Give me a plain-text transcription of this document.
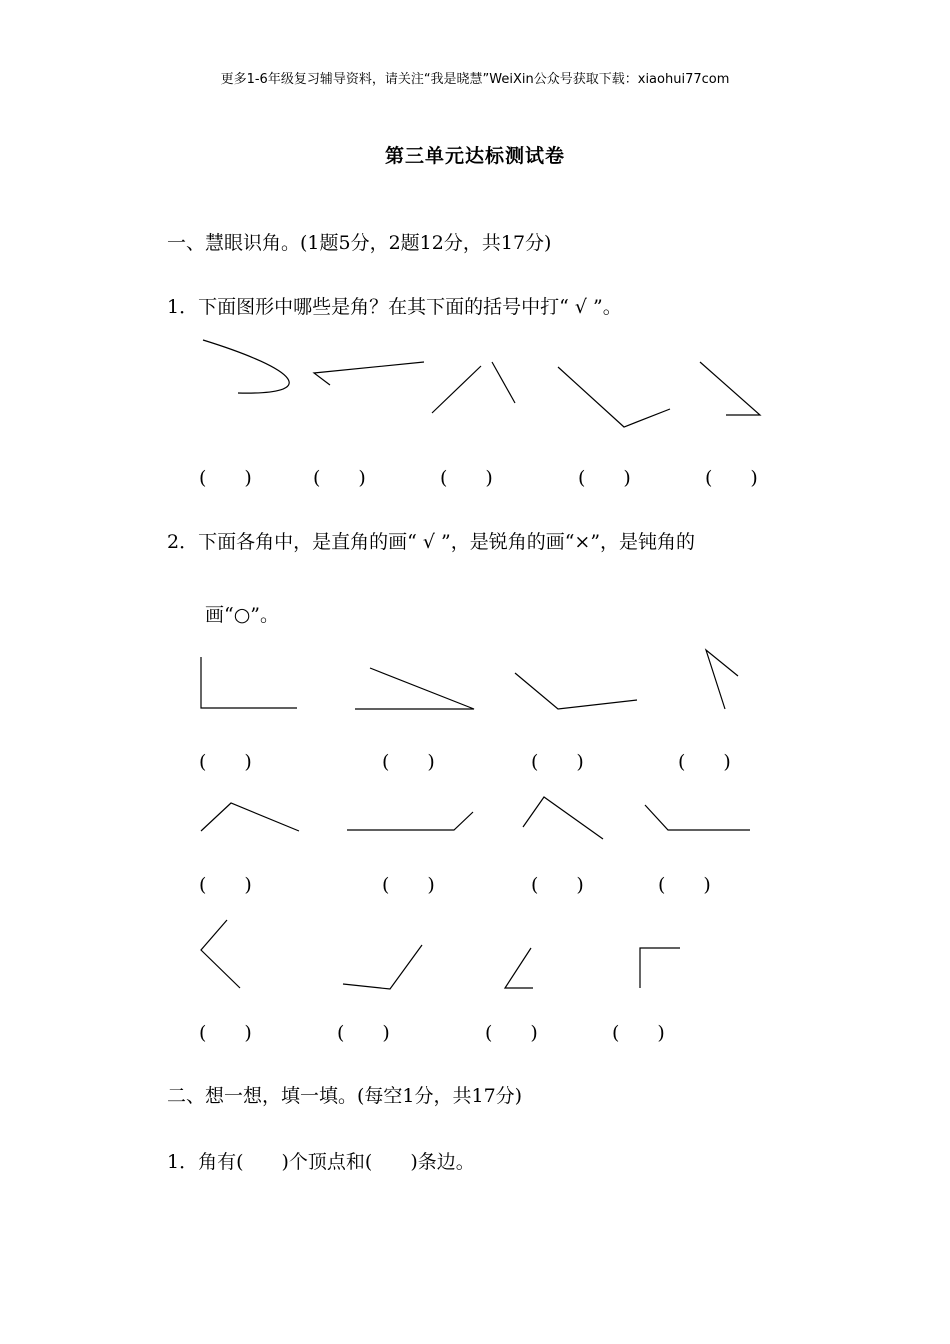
更多1-6年级复习辅导资料，请关注“我是晓慧”WeiXin公众号获取下载：xiaohui77com
第三单元达标测试卷
一、慧眼识角。(1题5分，2题12分，共17分)
1．下面图形中哪些是角？在其下面的括号中打“ √ ”。
(　　)	(　　)	(　　)	(　　)	(　　)
2．下面各角中，是直角的画“ √ ”，是锐角的画“×”，是钝角的
画“○”。
(　　)	(　　)	(　　)	(　　)
(　　)	(　　)	(　　)	(　　)
(　　)	(　　)	(　　)	(　　)
二、想一想，填一填。(每空1分，共17分)
1．角有(　　)个顶点和(　　)条边。
